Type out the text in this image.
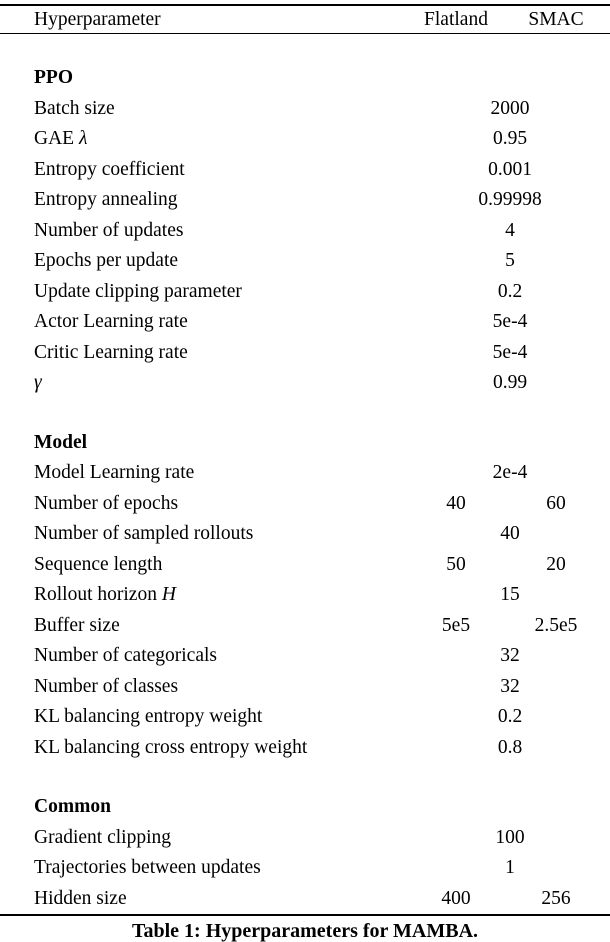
Hyperparameter	Flatland	SMAC
PPO		
Batch size	2000	
GAE λ	0.95	
Entropy coefficient	0.001	
Entropy annealing	0.99998	
Number of updates	4	
Epochs per update	5	
Update clipping parameter	0.2	
Actor Learning rate	5e-4	
Critic Learning rate	5e-4	
γ	0.99	
Model		
Model Learning rate	2e-4	
Number of epochs	40	60
Number of sampled rollouts	40	
Sequence length	50	20
Rollout horizon H	15	
Buffer size	5e5	2.5e5
Number of categoricals	32	
Number of classes	32	
KL balancing entropy weight	0.2	
KL balancing cross entropy weight	0.8	
Common		
Gradient clipping	100	
Trajectories between updates	1	
Hidden size	400	256
Table 1: Hyperparameters for MAMBA.
